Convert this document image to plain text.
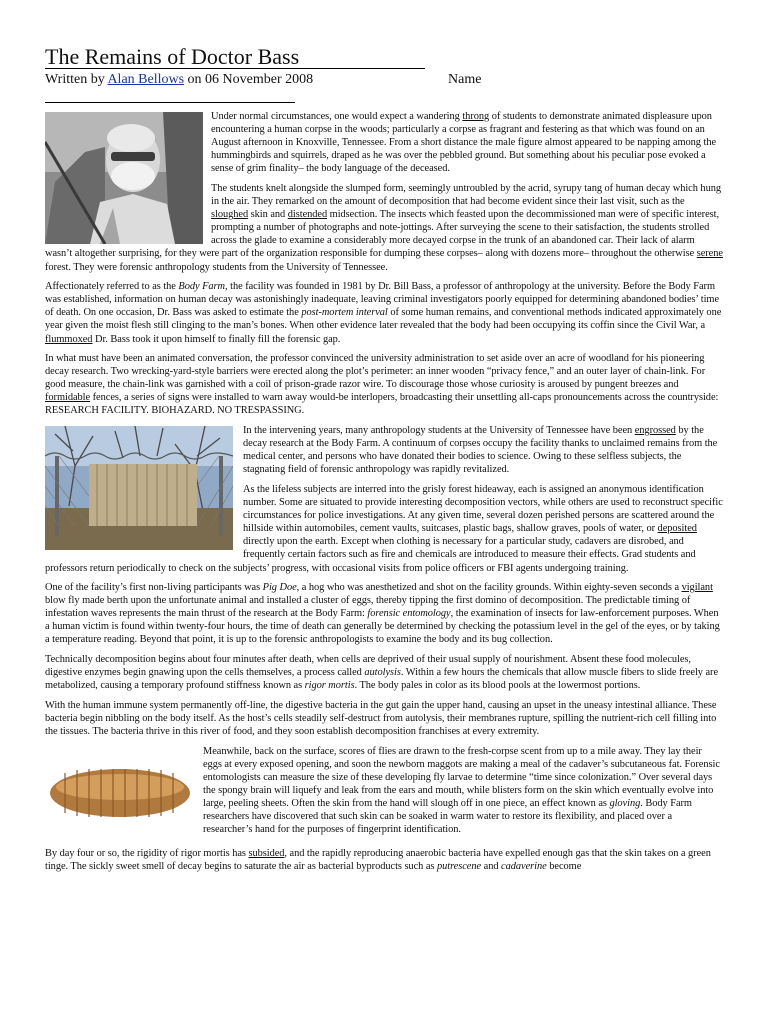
The Remains of Doctor Bass
Written by Alan Bellows on 06 November 2008	Name

Under normal circumstances, one would expect a wandering throng of students to demonstrate animated displeasure upon encountering a human corpse in the woods; particularly a corpse as fragrant and festering as that which was found on an August afternoon in Knoxville, Tennessee. From a short distance the male figure almost appeared to be napping among the hummingbirds and squirrels, draped as he was over the pebbled ground. But something about his peculiar pose evoked a sense of grim finality– the body language of the deceased.

The students knelt alongside the slumped form, seemingly untroubled by the acrid, syrupy tang of human decay which hung in the air. They remarked on the amount of decomposition that had become evident since their last visit, such as the sloughed skin and distended midsection. The insects which feasted upon the decommissioned man were of specific interest, prompting a number of photographs and note-jottings. After surveying the scene to their satisfaction, the students strolled across the glade to examine a considerably more decayed corpse in the trunk of an abandoned car. Their lack of alarm wasn’t altogether surprising, for they were part of the organization responsible for dumping these corpses– along with dozens more– throughout the otherwise serene forest. They were forensic anthropology students from the University of Tennessee.

Affectionately referred to as the Body Farm, the facility was founded in 1981 by Dr. Bill Bass, a professor of anthropology at the university. Before the Body Farm was established, information on human decay was astonishingly inadequate, leaving criminal investigators poorly equipped for determining abandoned bodies’ time of death. On one occasion, Dr. Bass was asked to estimate the post-mortem interval of some human remains, and conventional methods indicated approximately one year given the moist flesh still clinging to the man’s bones. When other evidence later revealed that the body had been occupying its coffin since the Civil War, a flummoxed Dr. Bass took it upon himself to finally fill the forensic gap.

In what must have been an animated conversation, the professor convinced the university administration to set aside over an acre of woodland for his pioneering decay research. Two wrecking-yard-style barriers were erected along the plot’s perimeter: an inner wooden “privacy fence,” and an outer layer of chain-link. For good measure, the chain-link was garnished with a coil of prison-grade razor wire. To discourage those whose curiosity is aroused by pungent breezes and formidable fences, a series of signs were installed to warn away would-be interlopers, broadcasting their unsettling all-caps pronouncements across the countryside: RESEARCH FACILITY. BIOHAZARD. NO TRESPASSING.

In the intervening years, many anthropology students at the University of Tennessee have been engrossed by the decay research at the Body Farm. A continuum of corpses occupy the facility thanks to unclaimed remains from the medical center, and persons who have donated their bodies to science. Owing to these selfless subjects, the stagnating field of forensic anthropology was rapidly revitalized.

As the lifeless subjects are interred into the grisly forest hideaway, each is assigned an anonymous identification number. Some are situated to provide interesting decomposition vectors, while others are used to reconstruct specific circumstances for police investigations. At any given time, several dozen perished persons are scattered around the hillside within automobiles, cement vaults, suitcases, plastic bags, shallow graves, pools of water, or deposited directly upon the earth. Except when clothing is necessary for a particular study, cadavers are disrobed, and frequently certain factors such as fire and chemicals are introduced to measure their effects. Grad students and professors return periodically to check on the subjects’ progress, with occasional visits from police officers or FBI agents undergoing training.

One of the facility’s first non-living participants was Pig Doe, a hog who was anesthetized and shot on the facility grounds. Within eighty-seven seconds a vigilant blow fly made berth upon the unfortunate animal and installed a cluster of eggs, thereby tipping the first domino of decomposition. The predictable timing of infestation waves represents the main thrust of the research at the Body Farm: forensic entomology, the examination of insects for law-enforcement purposes. When a human victim is found within twenty-four hours, the time of death can generally be determined by checking the potassium level in the gel of the eyes, or by taking a temperature reading. Beyond that point, it is up to the forensic anthropologists to examine the body and its bug collection.

Technically decomposition begins about four minutes after death, when cells are deprived of their usual supply of nourishment. Absent these food molecules, digestive enzymes begin gnawing upon the cells themselves, a process called autolysis. Within a few hours the chemicals that allow muscle fibers to slide freely are metabolized, causing a temporary profound stiffness known as rigor mortis. The body pales in color as its blood pools at the lowermost portions.

With the human immune system permanently off-line, the digestive bacteria in the gut gain the upper hand, causing an upset in the uneasy intestinal alliance. These bacteria begin nibbling on the body itself. As the host’s cells steadily self-destruct from autolysis, their membranes rupture, spilling the nutrient-rich cell filling into the tissues. The bacteria thrive in this river of food, and they soon establish decomposition franchises at every extremity.

Meanwhile, back on the surface, scores of flies are drawn to the fresh-corpse scent from up to a mile away. They lay their eggs at every exposed opening, and soon the newborn maggots are making a meal of the cadaver’s subcutaneous fat. Forensic entomologists can measure the size of these developing fly larvae to determine “time since colonization.” Over several days the spongy brain will liquefy and leak from the ears and mouth, while blisters form on the skin which eventually evolve into large, peeling sheets. Often the skin from the hand will slough off in one piece, an effect known as gloving. Body Farm researchers have discovered that such skin can be soaked in warm water to restore its flexibility, and placed over a researcher’s hand for the purposes of fingerprint identification.

By day four or so, the rigidity of rigor mortis has subsided, and the rapidly reproducing anaerobic bacteria have expelled enough gas that the skin takes on a green tinge. The sickly sweet smell of decay begins to saturate the air as bacterial byproducts such as putrescene and cadaverine become
